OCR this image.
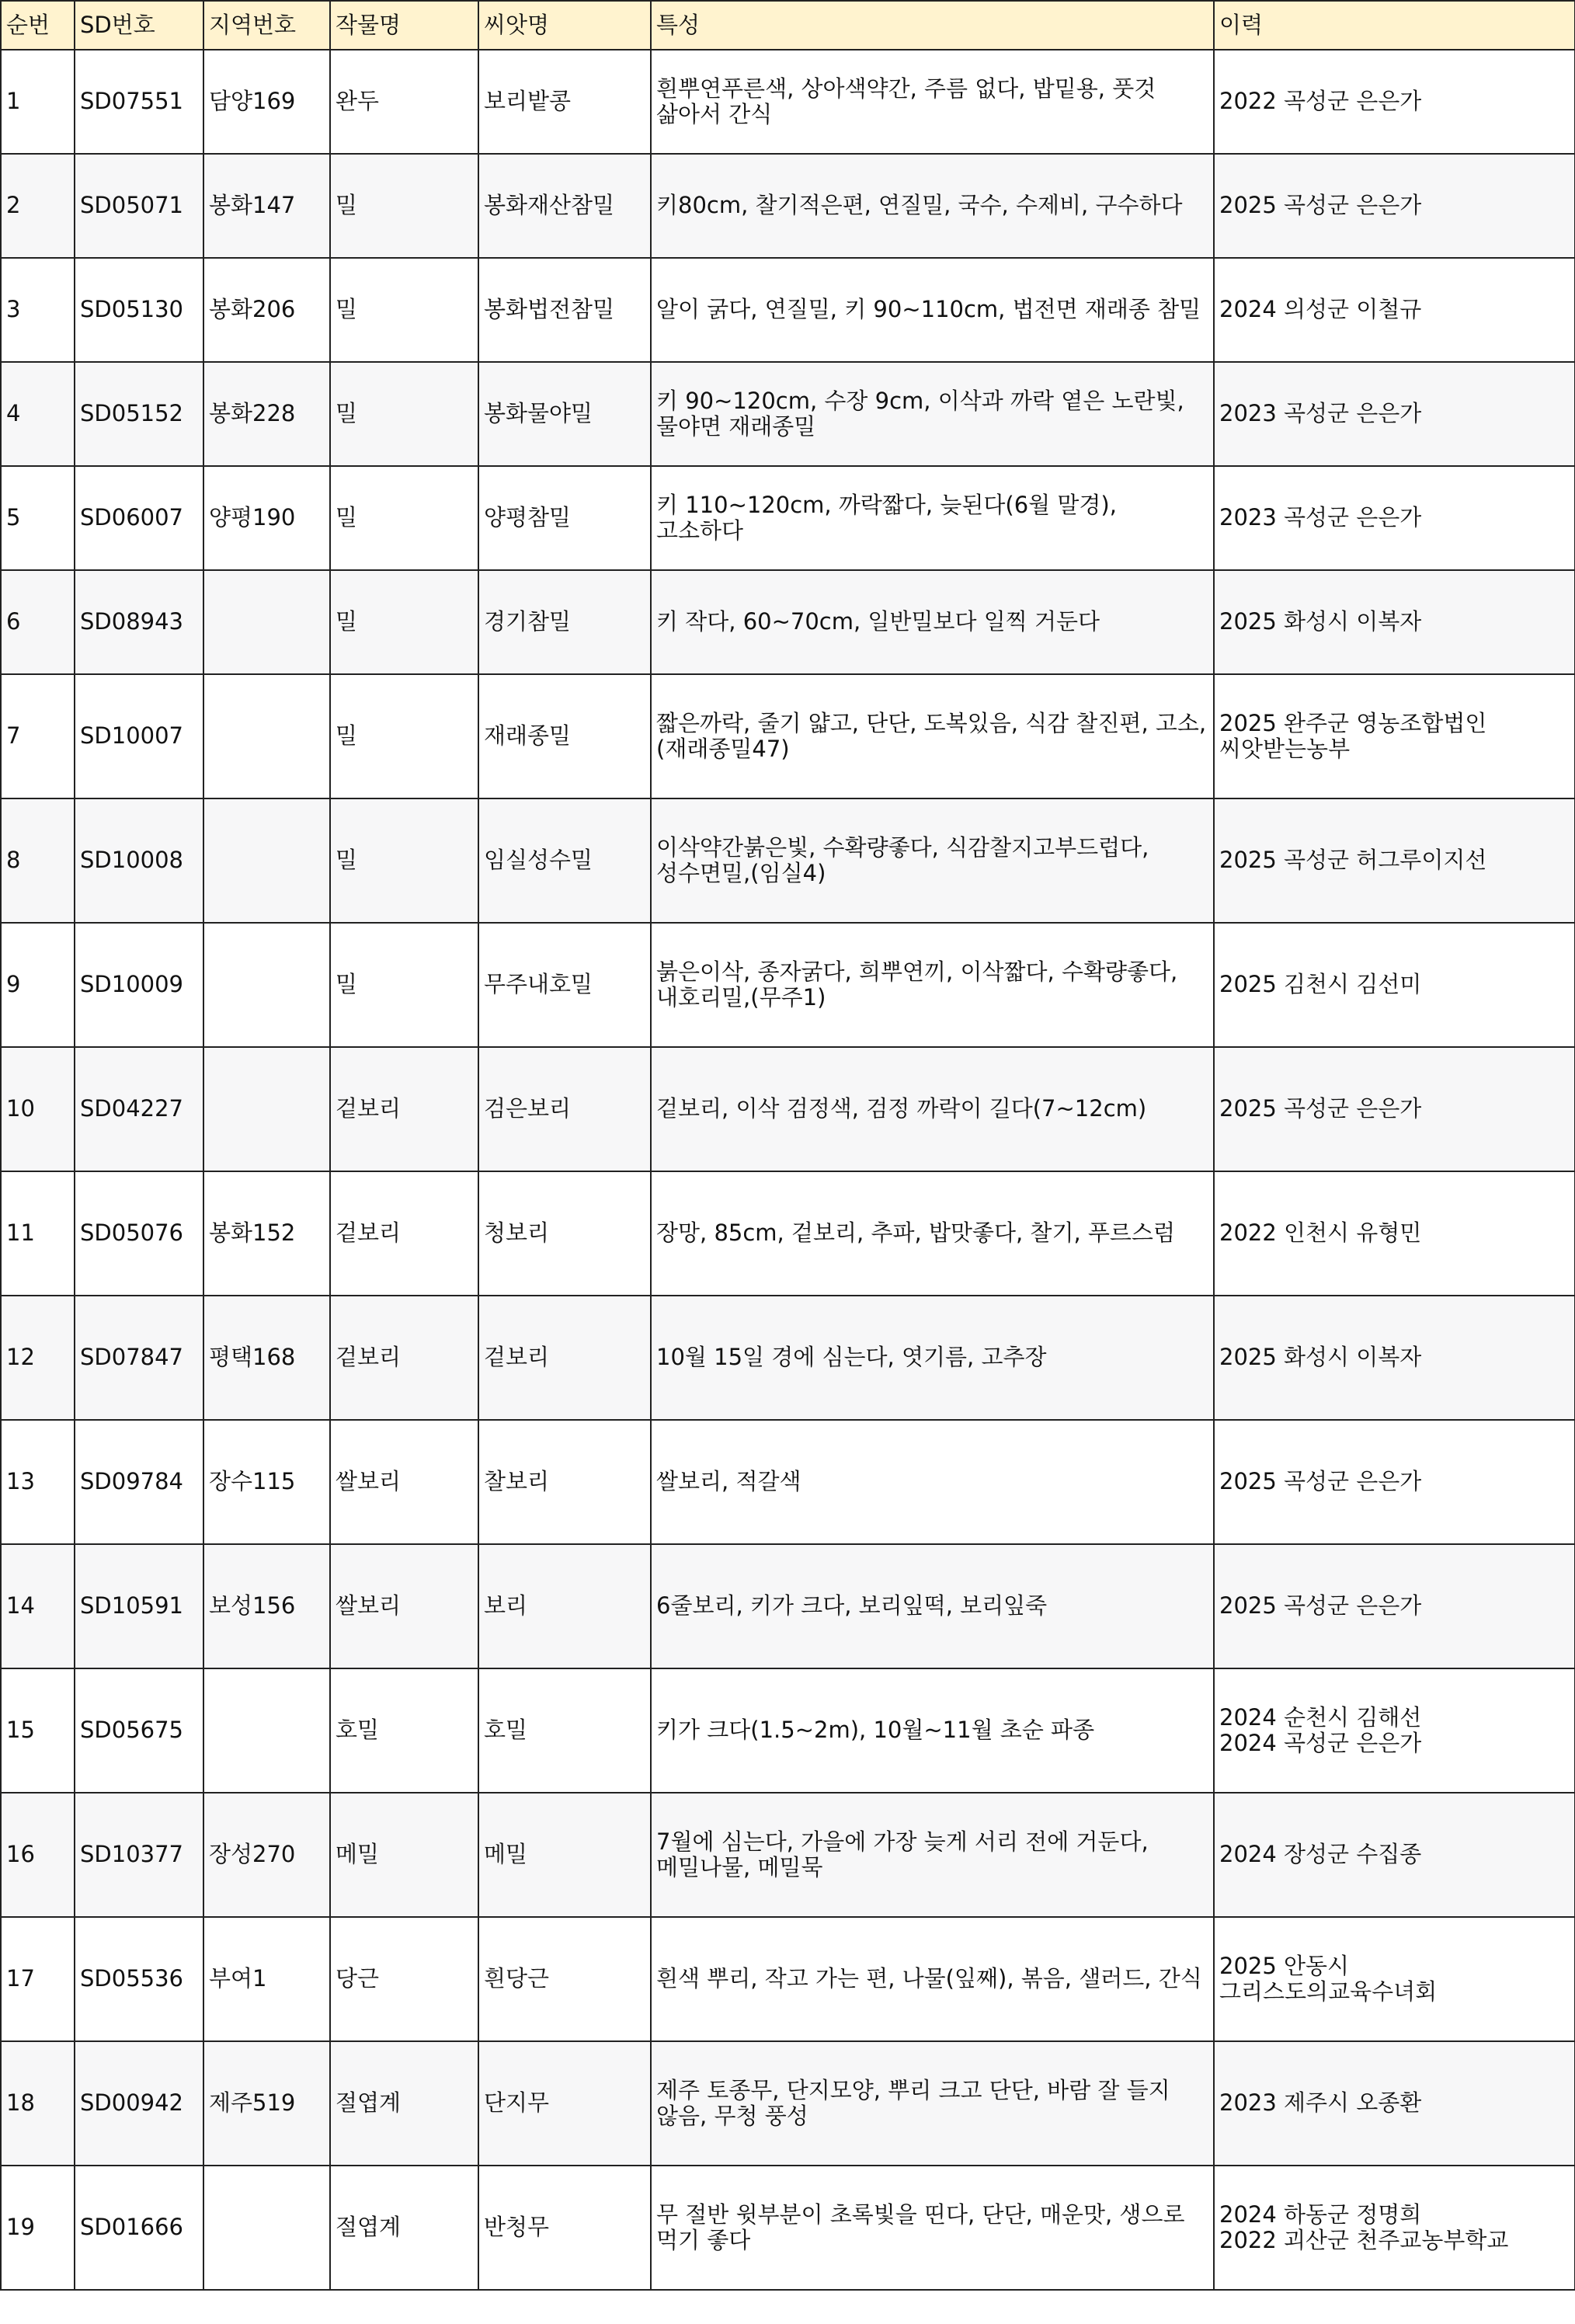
순번	SD번호	지역번호	작물명	씨앗명	특성	이력
1	SD07551	담양169	완두	보리밭콩	흰뿌연푸른색, 상아색약간, 주름 없다, 밥밑용, 풋것 삶아서 간식	2022 곡성군 은은가

2	SD05071	봉화147	밀	봉화재산참밀	키80cm, 찰기적은편, 연질밀, 국수, 수제비, 구수하다	2025 곡성군 은은가

3	SD05130	봉화206	밀	봉화법전참밀	알이 굵다, 연질밀, 키 90~110cm, 법전면 재래종 참밀	2024 의성군 이철규

4	SD05152	봉화228	밀	봉화물야밀	키 90~120cm, 수장 9cm, 이삭과 까락 옅은 노란빛, 물야면 재래종밀	2023 곡성군 은은가

5	SD06007	양평190	밀	양평참밀	키 110~120cm, 까락짧다, 늦된다(6월 말경), 고소하다	2023 곡성군 은은가

6	SD08943		밀	경기참밀	키 작다, 60~70cm, 일반밀보다 일찍 거둔다	2025 화성시 이복자

7	SD10007		밀	재래종밀	짧은까락, 줄기 얇고, 단단, 도복있음, 식감 찰진편, 고소,(재래종밀47)	2025 완주군 영농조합법인 씨앗받는농부

8	SD10008		밀	임실성수밀	이삭약간붉은빛, 수확량좋다, 식감찰지고부드럽다, 성수면밀,(임실4)	2025 곡성군 허그루이지선

9	SD10009		밀	무주내호밀	붉은이삭, 종자굵다, 희뿌연끼, 이삭짧다, 수확량좋다, 내호리밀,(무주1)	2025 김천시 김선미

10	SD04227		겉보리	검은보리	겉보리, 이삭 검정색, 검정 까락이 길다(7~12cm)	2025 곡성군 은은가

11	SD05076	봉화152	겉보리	청보리	장망, 85cm, 겉보리, 추파, 밥맛좋다, 찰기, 푸르스럼	2022 인천시 유형민

12	SD07847	평택168	겉보리	겉보리	10월 15일 경에 심는다, 엿기름, 고추장	2025 화성시 이복자

13	SD09784	장수115	쌀보리	찰보리	쌀보리, 적갈색	2025 곡성군 은은가

14	SD10591	보성156	쌀보리	보리	6줄보리, 키가 크다, 보리잎떡, 보리잎죽	2025 곡성군 은은가

15	SD05675		호밀	호밀	키가 크다(1.5~2m), 10월~11월 초순 파종	2024 순천시 김해선
2024 곡성군 은은가

16	SD10377	장성270	메밀	메밀	7월에 심는다, 가을에 가장 늦게 서리 전에 거둔다, 메밀나물, 메밀묵	2024 장성군 수집종

17	SD05536	부여1	당근	흰당근	흰색 뿌리, 작고 가는 편, 나물(잎째), 볶음, 샐러드, 간식	2025 안동시 그리스도의교육수녀회

18	SD00942	제주519	절엽계	단지무	제주 토종무, 단지모양, 뿌리 크고 단단, 바람 잘 들지 않음, 무청 풍성	2023 제주시 오종환

19	SD01666		절엽계	반청무	무 절반 윗부분이 초록빛을 띤다, 단단, 매운맛, 생으로 먹기 좋다	2024 하동군 정명희
2022 괴산군 천주교농부학교
